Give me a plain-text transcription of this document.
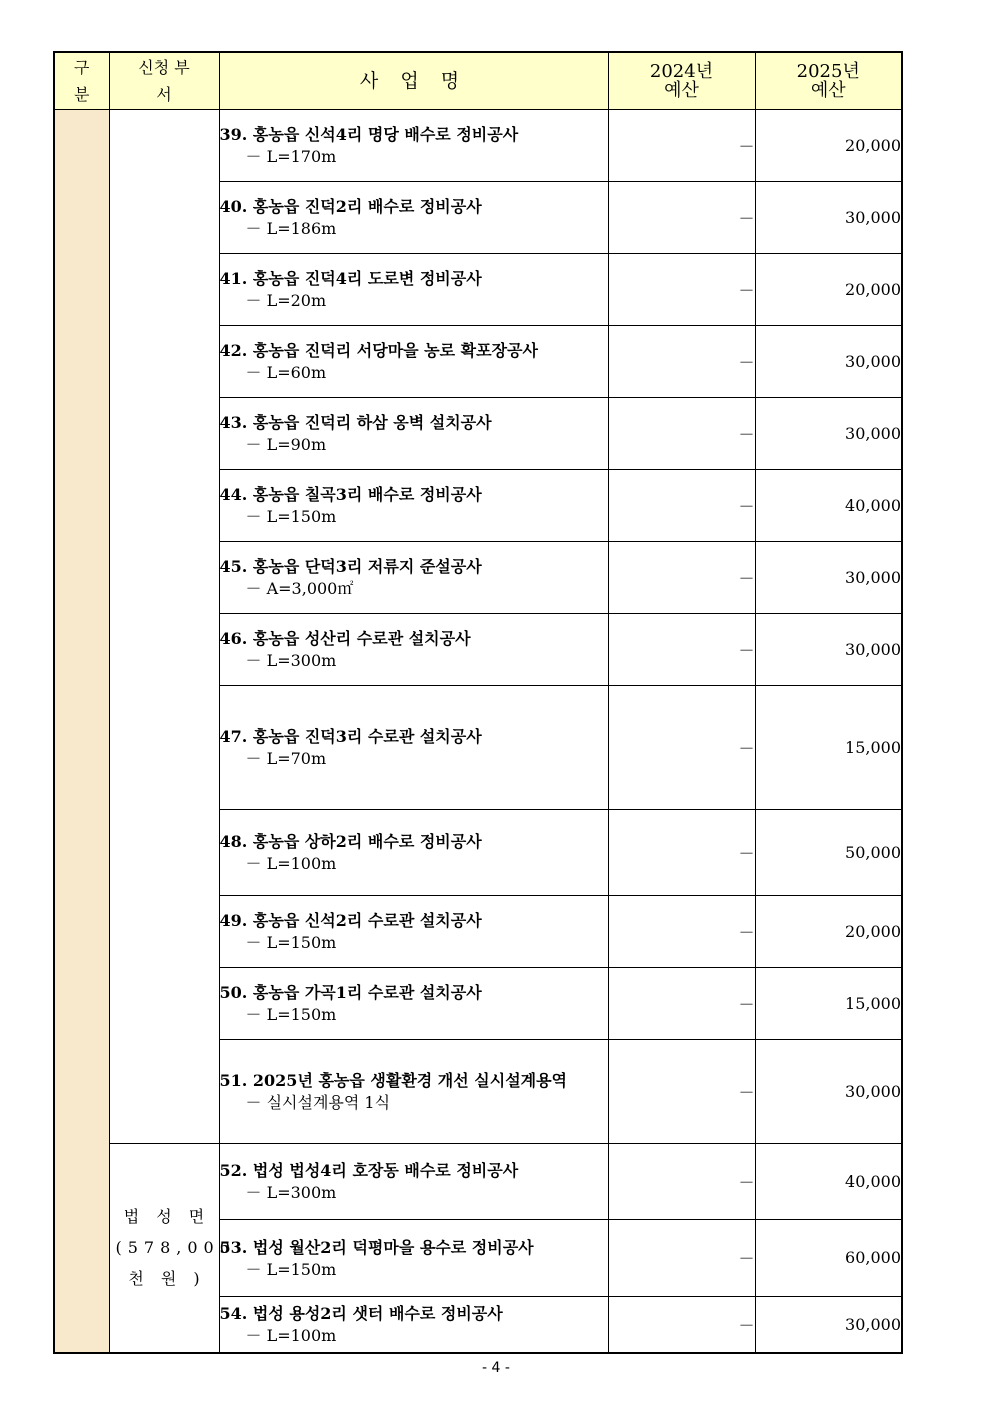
구 분	신청 부서	사 업 명	2024년 예산	2025년 예산

		39. 홍농읍 신석4리 명당 배수로 정비공사
－ L=170m	－	20,000

		40. 홍농읍 진덕2리 배수로 정비공사
－ L=186m	－	30,000

		41. 홍농읍 진덕4리 도로변 정비공사
－ L=20m	－	20,000

		42. 홍농읍 진덕리 서당마을 농로 확포장공사
－ L=60m	－	30,000

		43. 홍농읍 진덕리 하삼 옹벽 설치공사
－ L=90m	－	30,000

		44. 홍농읍 칠곡3리 배수로 정비공사
－ L=150m	－	40,000

		45. 홍농읍 단덕3리 저류지 준설공사
－ A=3,000㎡	－	30,000

		46. 홍농읍 성산리 수로관 설치공사
－ L=300m	－	30,000

		47. 홍농읍 진덕3리 수로관 설치공사
－ L=70m	－	15,000

		48. 홍농읍 상하2리 배수로 정비공사
－ L=100m	－	50,000

		49. 홍농읍 신석2리 수로관 설치공사
－ L=150m	－	20,000

		50. 홍농읍 가곡1리 수로관 설치공사
－ L=150m	－	15,000

		51. 2025년 홍농읍 생활환경 개선 실시설계용역
－ 실시설계용역 1식	－	30,000

	법 성 면 (578,000 천 원 )	52. 법성 법성4리 호장동 배수로 정비공사
－ L=300m	－	40,000

		53. 법성 월산2리 덕평마을 용수로 정비공사
－ L=150m	－	60,000

		54. 법성 용성2리 샛터 배수로 정비공사
－ L=100m	－	30,000
- 4 -
